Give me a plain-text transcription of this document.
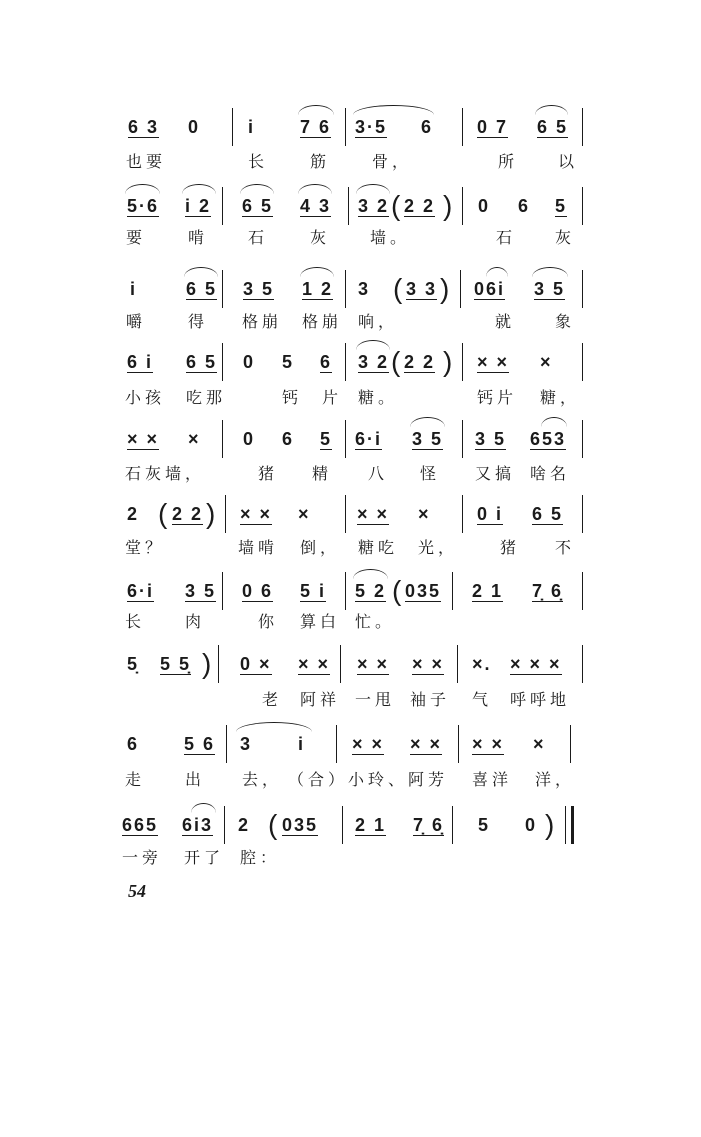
54
6 3 0	i 7 6 3·5 6 0 7 6 5
也要	长	筋	骨，	所 以
5·6 i 2 6 5 4 3 3 2 ( 2 2 ) 0 6 5
要	啃 石	灰 墙。	石 灰
i	6 5 3 5 1 2 3 ( 3 3 ) 06i 3 5
嚼	得 格崩 格崩 响，	就 象
6 i 6 5 0 5 6 3 2 ( 2 2 ) × × ×
小孩 吃那	钙 片 糖。	钙片 糖，
× × × 0 6 5 6·i 3 5 3 5 653
石灰墙，	猪 精 八 怪 又搞 啥名
2 ( 2 2 ) × × ×	× × ×	0 i 6 5
堂？	墙啃 倒， 糖吃 光，	猪 不
6·i 3 5 0 6 5 i 5 2 ( 035 2 1 7̣ 6̣
长 肉	你 算白 忙。
5̣ 5 5̣ ) 0 × × × × × × × ×. × × ×
老 阿祥 一甩 袖子 气 呼呼地
6 5 6 3	i	× × × × × × ×
走 出 去， （合）小玲、阿芳 喜洋 洋，
665 6i3 2 ( 035 2 1 7̣ 6̣ 5 0 )
一旁 开了 腔：
